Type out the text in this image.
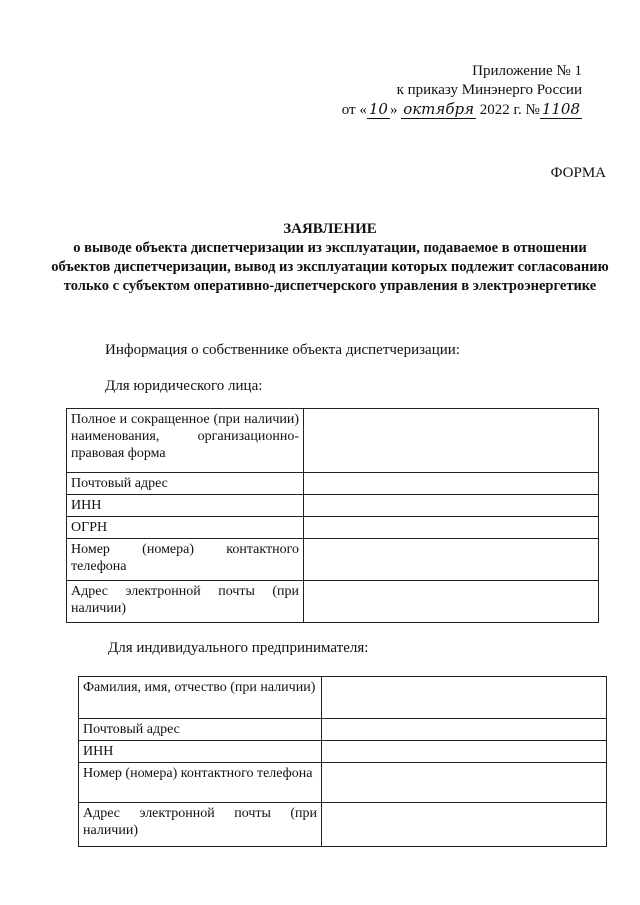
Приложение № 1
к приказу Минэнерго России
от « 10 » октября 2022 г. № 1108
ФОРМА
ЗАЯВЛЕНИЕ
о выводе объекта диспетчеризации из эксплуатации, подаваемое в отношении объектов диспетчеризации, вывод из эксплуатации которых подлежит согласованию только с субъектом оперативно-диспетчерского управления в электроэнергетике
Информация о собственнике объекта диспетчеризации:
Для юридического лица:
Полное и сокращенное (при наличии) наименования, организационно-правовая форма	
Почтовый адрес	
ИНН	
ОГРН	
Номер (номера) контактного телефона	
Адрес электронной почты (при наличии)	
Для индивидуального предпринимателя:
Фамилия, имя, отчество (при наличии)	
Почтовый адрес	
ИНН	
Номер (номера) контактного телефона	
Адрес электронной почты (при наличии)	
